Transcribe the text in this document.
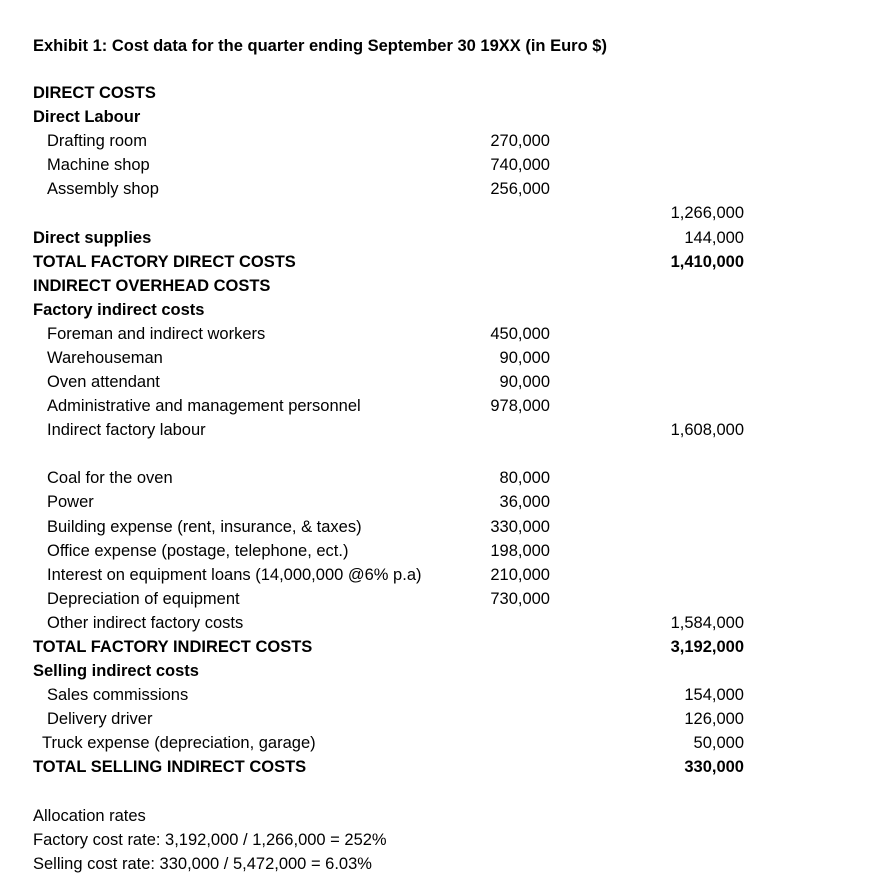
Exhibit 1: Cost data for the quarter ending September 30 19XX (in Euro $)
DIRECT COSTS
Direct Labour
Drafting room	270,000
Machine shop	740,000
Assembly shop	256,000
1,266,000
Direct supplies	144,000
TOTAL FACTORY DIRECT COSTS	1,410,000
INDIRECT OVERHEAD COSTS
Factory indirect costs
Foreman and indirect workers	450,000
Warehouseman	90,000
Oven attendant	90,000
Administrative and management personnel	978,000
Indirect factory labour	1,608,000
Coal for the oven	80,000
Power	36,000
Building expense (rent, insurance, & taxes)	330,000
Office expense (postage, telephone, ect.)	198,000
Interest on equipment loans (14,000,000 @6% p.a)	210,000
Depreciation of equipment	730,000
Other indirect factory costs	1,584,000
TOTAL FACTORY INDIRECT COSTS	3,192,000
Selling indirect costs
Sales commissions	154,000
Delivery driver	126,000
Truck expense (depreciation, garage)	50,000
TOTAL SELLING INDIRECT COSTS	330,000
Allocation rates
Factory cost rate: 3,192,000 / 1,266,000 = 252%
Selling cost rate: 330,000 / 5,472,000 = 6.03%
